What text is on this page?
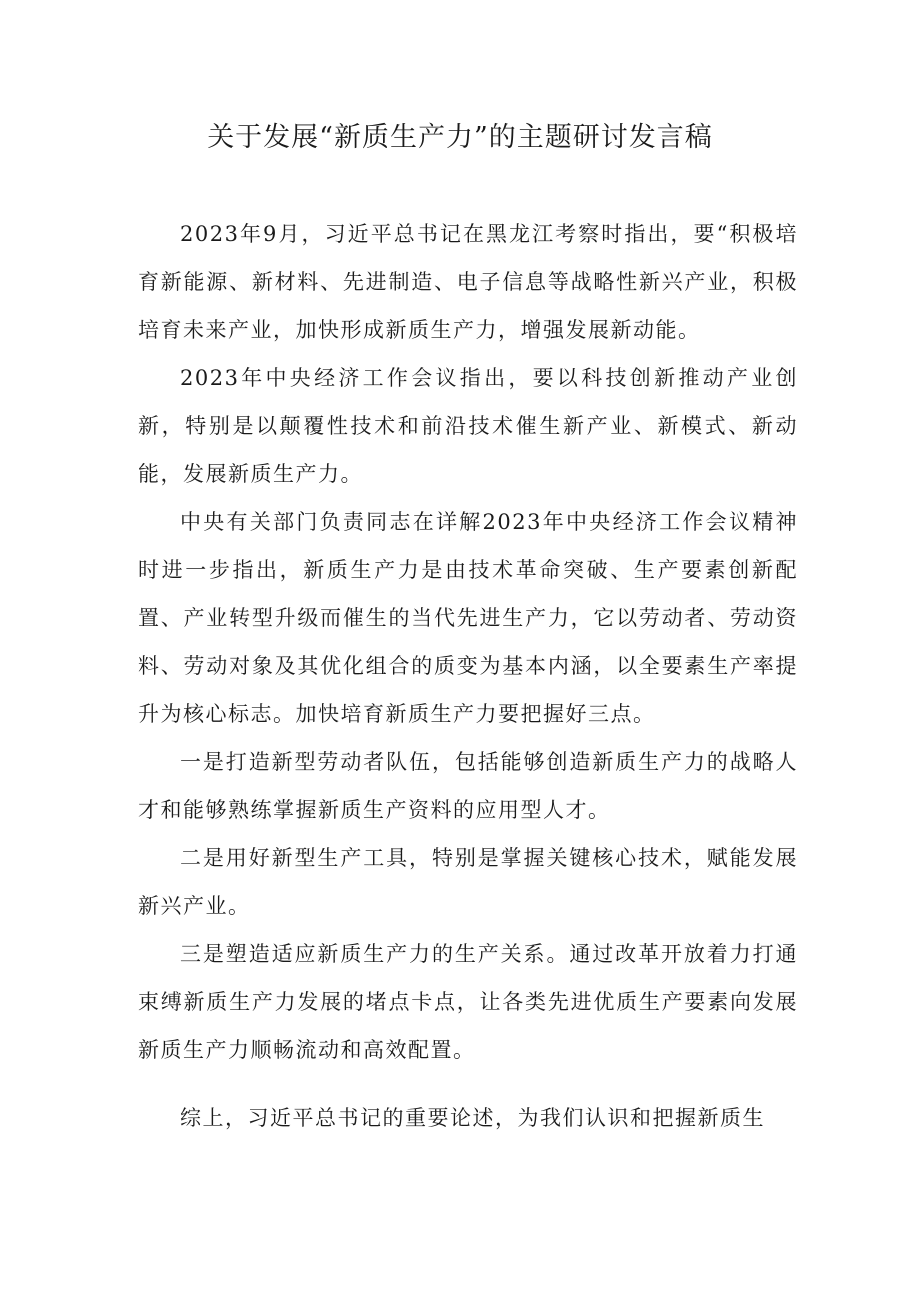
关于发展“新质生产力”的主题研讨发言稿

2023年9月，习近平总书记在黑龙江考察时指出，要“积极培育新能源、新材料、先进制造、电子信息等战略性新兴产业，积极培育未来产业，加快形成新质生产力，增强发展新动能。

2023年中央经济工作会议指出，要以科技创新推动产业创新，特别是以颠覆性技术和前沿技术催生新产业、新模式、新动能，发展新质生产力。

中央有关部门负责同志在详解2023年中央经济工作会议精神时进一步指出，新质生产力是由技术革命突破、生产要素创新配置、产业转型升级而催生的当代先进生产力，它以劳动者、劳动资料、劳动对象及其优化组合的质变为基本内涵，以全要素生产率提升为核心标志。加快培育新质生产力要把握好三点。

一是打造新型劳动者队伍，包括能够创造新质生产力的战略人才和能够熟练掌握新质生产资料的应用型人才。

二是用好新型生产工具，特别是掌握关键核心技术，赋能发展新兴产业。

三是塑造适应新质生产力的生产关系。通过改革开放着力打通束缚新质生产力发展的堵点卡点，让各类先进优质生产要素向发展新质生产力顺畅流动和高效配置。

综上，习近平总书记的重要论述，为我们认识和把握新质生
